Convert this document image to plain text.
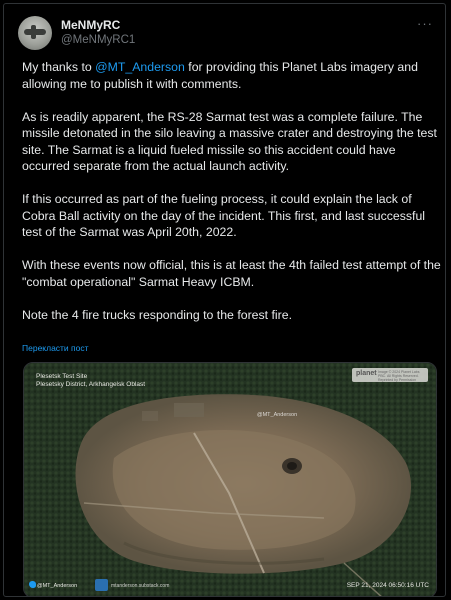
MeNMyRC
@MeNMyRC1
···

My thanks to @MT_Anderson for providing this Planet Labs imagery and allowing me to publish it with comments.

As is readily apparent, the RS-28 Sarmat test was a complete failure. The missile detonated in the silo leaving a massive crater and destroying the test site. The Sarmat is a liquid fueled missile so this accident could have occurred separate from the actual launch activity.

If this occurred as part of the fueling process, it could explain the lack of Cobra Ball activity on the day of the incident. This first, and last successful test of the Sarmat was April 20th, 2022.

With these events now official, this is at least the 4th failed test attempt of the "combat operational" Sarmat Heavy ICBM.

Note the 4 fire trucks responding to the forest fire.

Перекласти пост
Plesetsk Test Site
Plesetsky District, Arkhangelsk Oblast
planet Image © 2024 Planet Labs PBC. All Rights Reserved. Reprinted by Permission
@MT_Anderson
@MT_Anderson	mtanderson.substack.com	SEP 21, 2024 06:50:16 UTC
